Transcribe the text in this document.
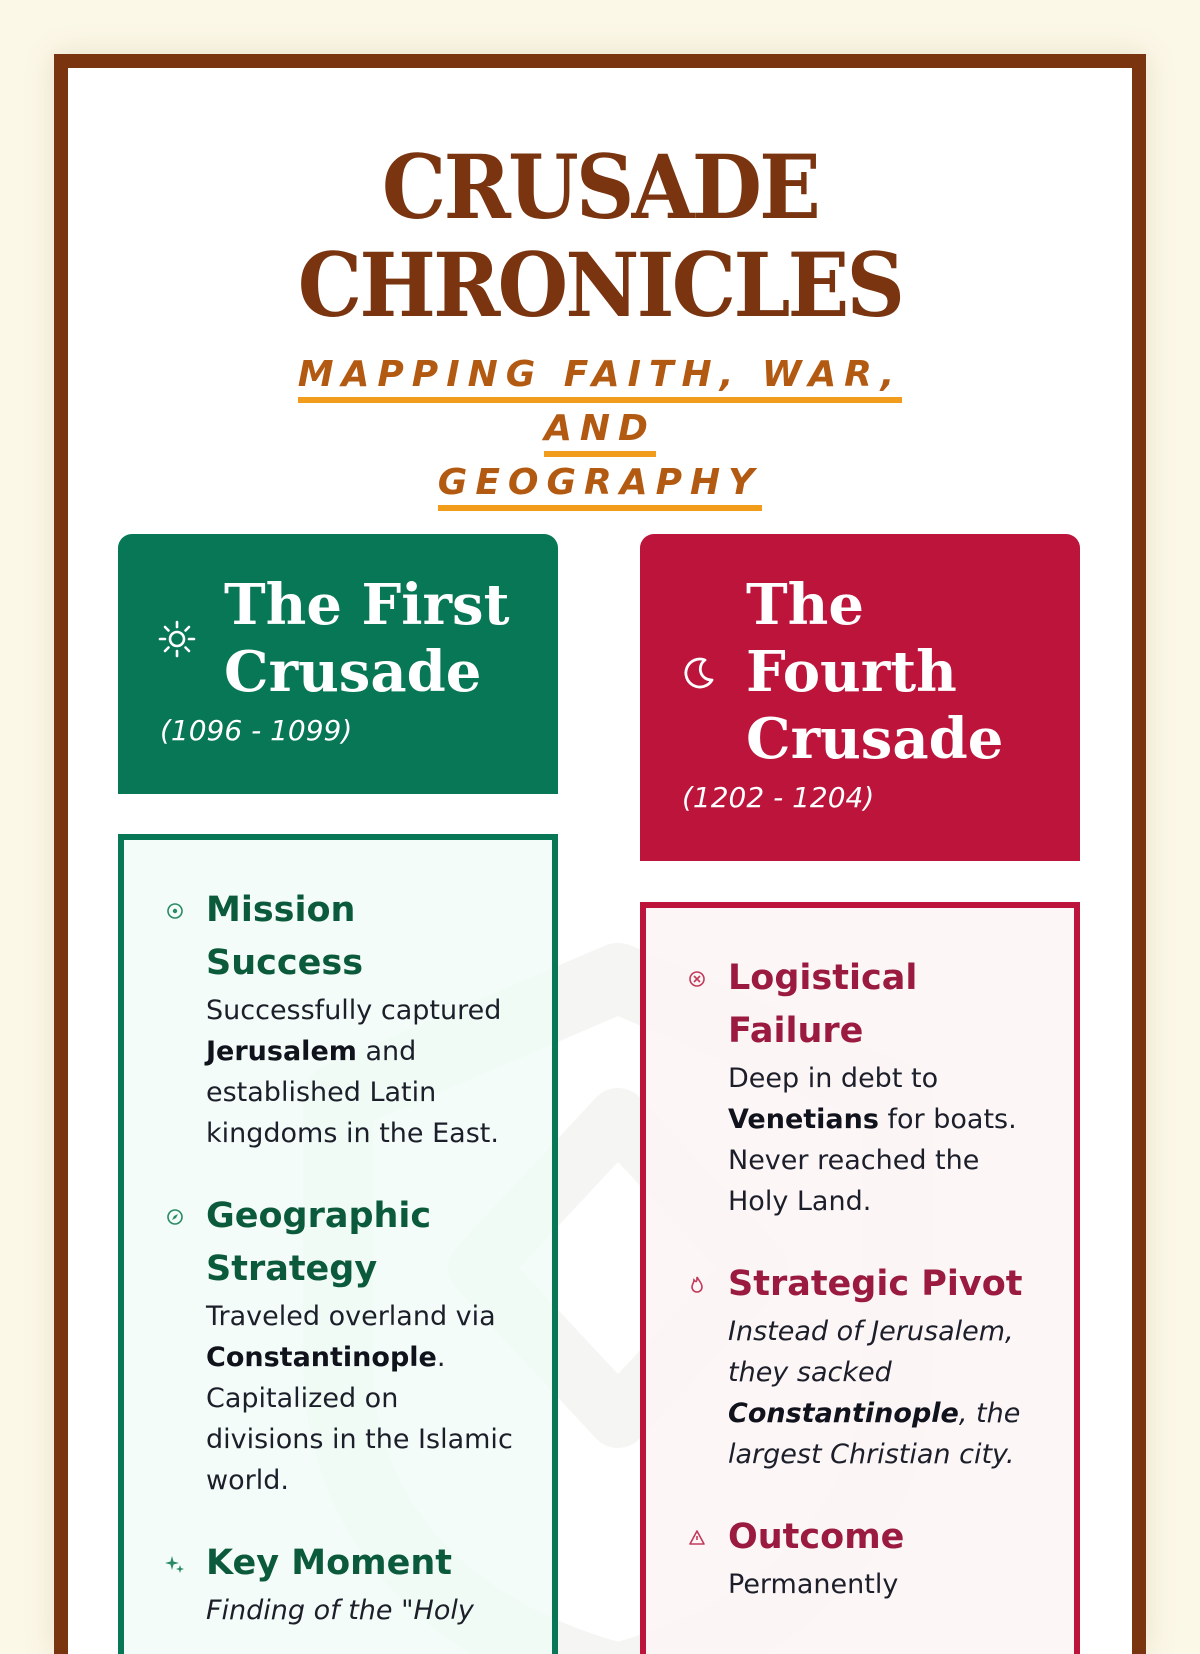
CRUSADE
CHRONICLES
MAPPING FAITH, WAR, AND
GEOGRAPHY
The First Crusade
(1096 - 1099)
The Fourth Crusade
(1202 - 1204)
Mission Success

Successfully captured Jerusalem and established Latin kingdoms in the East.

Geographic Strategy

Traveled overland via Constantinople. Capitalized on divisions in the Islamic world.

Key Moment

Finding of the "Holy

Logistical Failure

Deep in debt to Venetians for boats. Never reached the Holy Land.

Strategic Pivot

Instead of Jerusalem, they sacked Constantinople, the largest Christian city.

Outcome

Permanently
